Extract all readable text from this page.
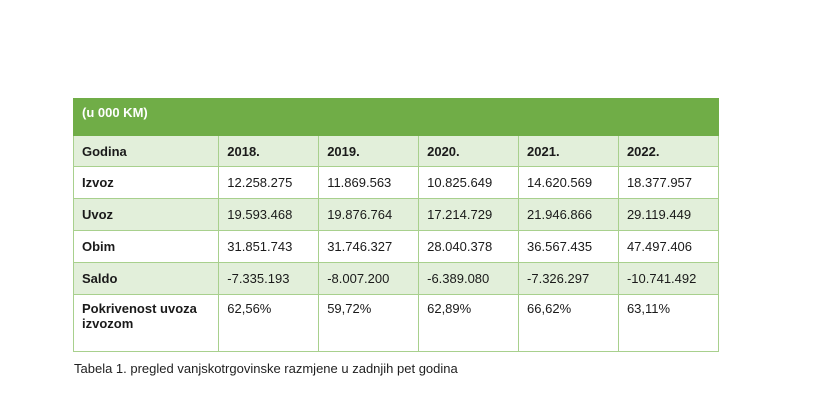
(u 000 KM)					
Godina	2018.	2019.	2020.	2021.	2022.
Izvoz	12.258.275	11.869.563	10.825.649	14.620.569	18.377.957
Uvoz	19.593.468	19.876.764	17.214.729	21.946.866	29.119.449
Obim	31.851.743	31.746.327	28.040.378	36.567.435	47.497.406
Saldo	-7.335.193	-8.007.200	-6.389.080	-7.326.297	-10.741.492
Pokrivenost uvoza izvozom	62,56%	59,72%	62,89%	66,62%	63,11%
Tabela 1. pregled vanjskotrgovinske razmjene u zadnjih pet godina
